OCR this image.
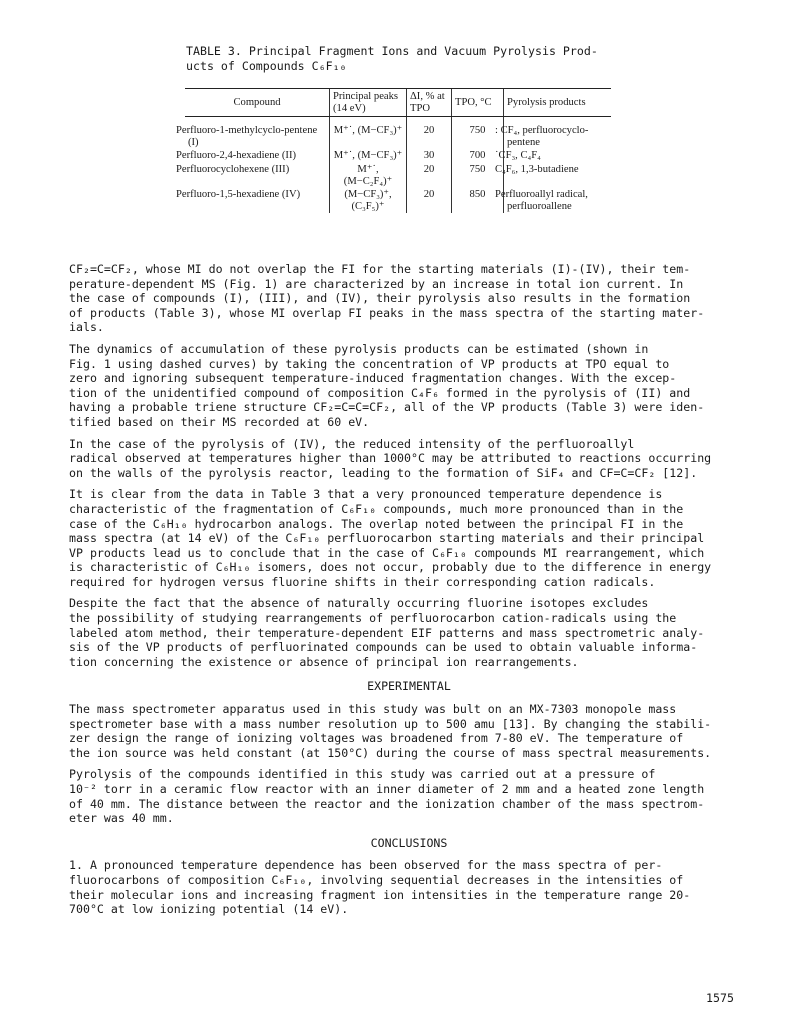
TABLE 3. Principal Fragment Ions and Vacuum Pyrolysis Prod-
ucts of Compounds C₆F₁₀
Compound	Principal peaks (14 eV)	ΔI, % at TPO	TPO, °C	Pyrolysis products
Perfluoro-1-methylcyclo-pentene (I)	M⁺˙, (M−CF₃)⁺	20	750	: CF₄, perfluorocyclo-pentene
Perfluoro-2,4-hexadiene (II)	M⁺˙, (M−CF₃)⁺	30	700	˙CF₃, C₄F₄
Perfluorocyclohexene (III)	M⁺˙, (M−C₂F₄)⁺	20	750	C₄F₆, 1,3-butadiene
Perfluoro-1,5-hexadiene (IV)	(M−CF₃)⁺, (C₃F₅)⁺	20	850	Perfluoroallyl radical, perfluoroallene

CF₂=C=CF₂, whose MI do not overlap the FI for the starting materials (I)-(IV), their tem-
perature-dependent MS (Fig. 1) are characterized by an increase in total ion current. In
the case of compounds (I), (III), and (IV), their pyrolysis also results in the formation
of products (Table 3), whose MI overlap FI peaks in the mass spectra of the starting mater-
ials.

The dynamics of accumulation of these pyrolysis products can be estimated (shown in
Fig. 1 using dashed curves) by taking the concentration of VP products at TPO equal to
zero and ignoring subsequent temperature-induced fragmentation changes. With the excep-
tion of the unidentified compound of composition C₄F₆ formed in the pyrolysis of (II) and
having a probable triene structure CF₂=C=C=CF₂, all of the VP products (Table 3) were iden-
tified based on their MS recorded at 60 eV.

In the case of the pyrolysis of (IV), the reduced intensity of the perfluoroallyl
radical observed at temperatures higher than 1000°C may be attributed to reactions occurring
on the walls of the pyrolysis reactor, leading to the formation of SiF₄ and CF=C=CF₂ [12].

It is clear from the data in Table 3 that a very pronounced temperature dependence is
characteristic of the fragmentation of C₆F₁₀ compounds, much more pronounced than in the
case of the C₆H₁₀ hydrocarbon analogs. The overlap noted between the principal FI in the
mass spectra (at 14 eV) of the C₆F₁₀ perfluorocarbon starting materials and their principal
VP products lead us to conclude that in the case of C₆F₁₀ compounds MI rearrangement, which
is characteristic of C₆H₁₀ isomers, does not occur, probably due to the difference in energy
required for hydrogen versus fluorine shifts in their corresponding cation radicals.

Despite the fact that the absence of naturally occurring fluorine isotopes excludes
the possibility of studying rearrangements of perfluorocarbon cation-radicals using the
labeled atom method, their temperature-dependent EIF patterns and mass spectrometric analy-
sis of the VP products of perfluorinated compounds can be used to obtain valuable informa-
tion concerning the existence or absence of principal ion rearrangements.

EXPERIMENTAL

The mass spectrometer apparatus used in this study was bult on an MX-7303 monopole mass
spectrometer base with a mass number resolution up to 500 amu [13]. By changing the stabili-
zer design the range of ionizing voltages was broadened from 7-80 eV. The temperature of
the ion source was held constant (at 150°C) during the course of mass spectral measurements.

Pyrolysis of the compounds identified in this study was carried out at a pressure of
10⁻² torr in a ceramic flow reactor with an inner diameter of 2 mm and a heated zone length
of 40 mm. The distance between the reactor and the ionization chamber of the mass spectrom-
eter was 40 mm.

CONCLUSIONS

1. A pronounced temperature dependence has been observed for the mass spectra of per-
fluorocarbons of composition C₆F₁₀, involving sequential decreases in the intensities of
their molecular ions and increasing fragment ion intensities in the temperature range 20-
700°C at low ionizing potential (14 eV).

1575
